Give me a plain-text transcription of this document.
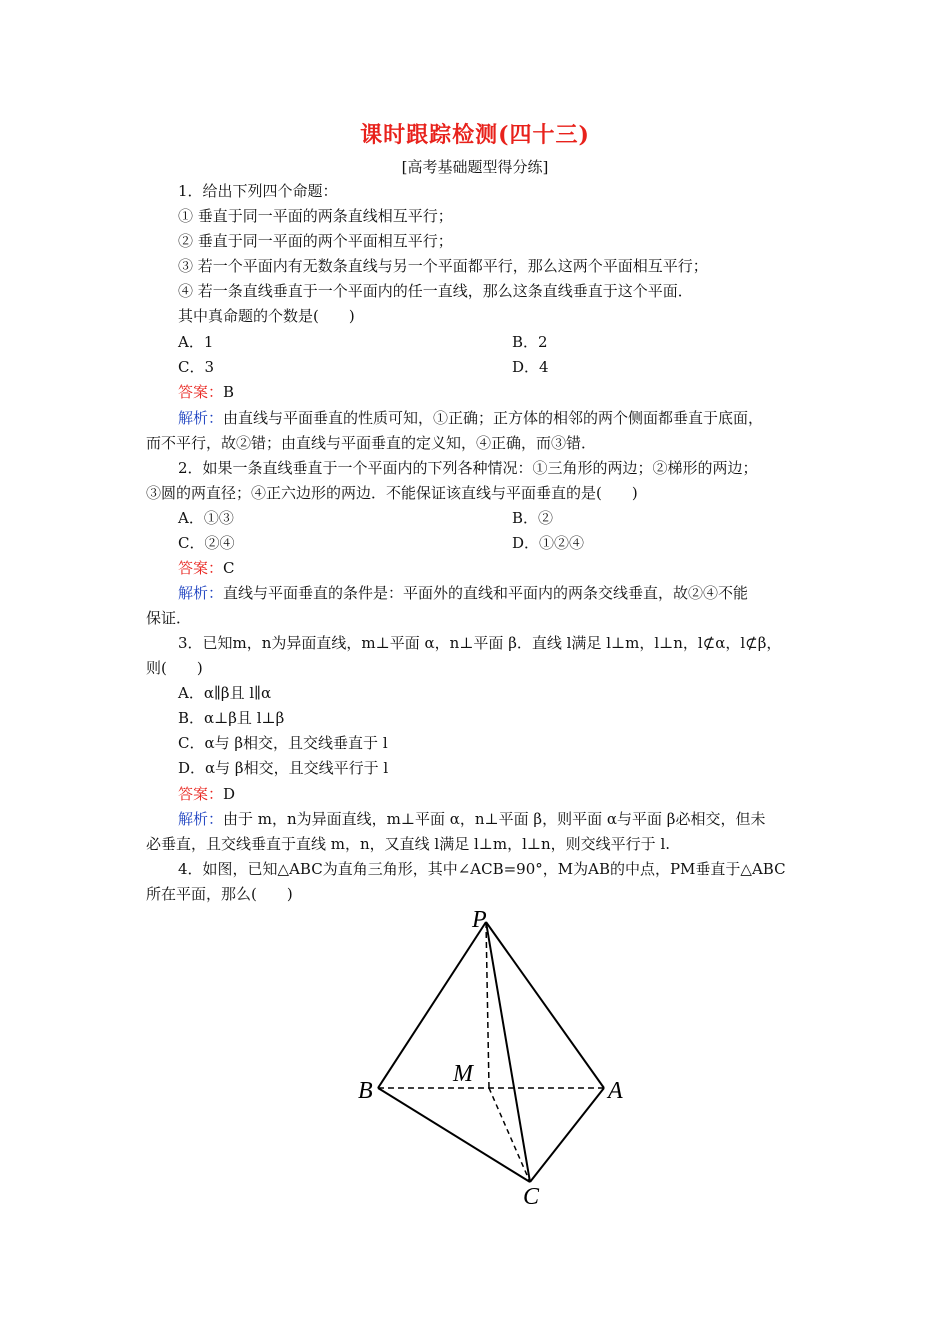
课时跟踪检测(四十三)
[高考基础题型得分练]
1．给出下列四个命题：
① 垂直于同一平面的两条直线相互平行；
② 垂直于同一平面的两个平面相互平行；
③ 若一个平面内有无数条直线与另一个平面都平行，那么这两个平面相互平行；
④ 若一条直线垂直于一个平面内的任一直线，那么这条直线垂直于这个平面．
其中真命题的个数是(　　)
A．1	B．2
C．3	D．4
答案：B
解析：由直线与平面垂直的性质可知，①正确；正方体的相邻的两个侧面都垂直于底面，
而不平行，故②错；由直线与平面垂直的定义知，④正确，而③错．
2．如果一条直线垂直于一个平面内的下列各种情况：①三角形的两边；②梯形的两边；
③圆的两直径；④正六边形的两边．不能保证该直线与平面垂直的是(　　)
A．①③	B．②
C．②④	D．①②④
答案：C
解析：直线与平面垂直的条件是：平面外的直线和平面内的两条交线垂直，故②④不能
保证．
3．已知m，n为异面直线，m⊥平面 α，n⊥平面 β．直线 l满足 l⊥m，l⊥n，l⊄α，l⊄β，
则(　　)
A．α∥β且 l∥α
B．α⊥β且 l⊥β
C．α与 β相交，且交线垂直于 l
D．α与 β相交，且交线平行于 l
答案：D
解析：由于 m，n为异面直线，m⊥平面 α，n⊥平面 β，则平面 α与平面 β必相交，但未
必垂直，且交线垂直于直线 m，n，又直线 l满足 l⊥m，l⊥n，则交线平行于 l.
4．如图，已知△ABC为直角三角形，其中∠ACB=90°，M为AB的中点，PM垂直于△ABC
所在平面，那么(　　)
P
M
B	A
C
